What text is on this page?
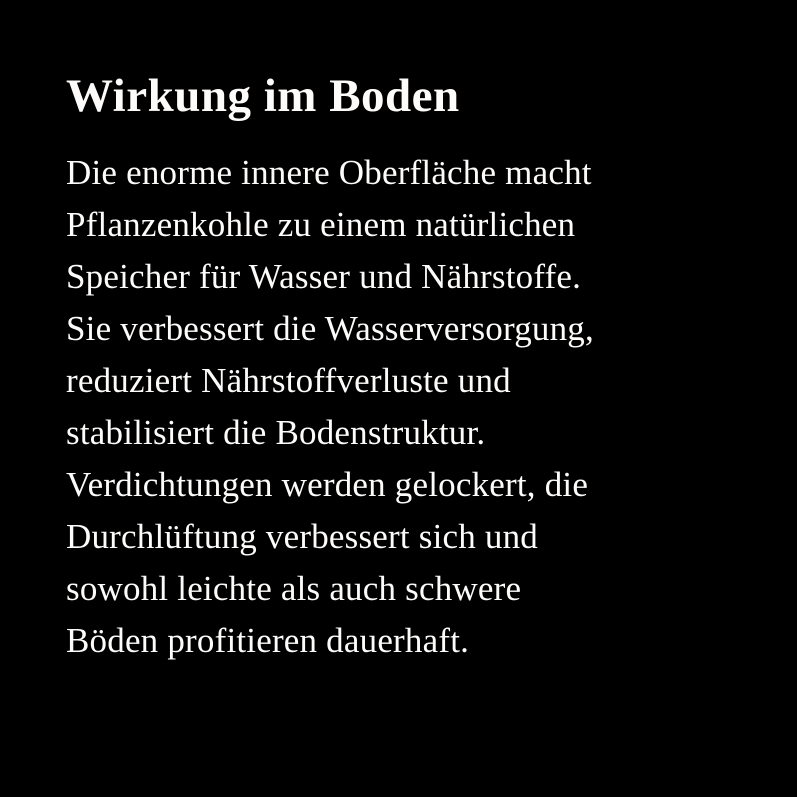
Wirkung im Boden
Die enorme innere Oberfläche macht
Pflanzenkohle zu einem natürlichen
Speicher für Wasser und Nährstoffe.
Sie verbessert die Wasserversorgung,
reduziert Nährstoffverluste und
stabilisiert die Bodenstruktur.
Verdichtungen werden gelockert, die
Durchlüftung verbessert sich und
sowohl leichte als auch schwere
Böden profitieren dauerhaft.
